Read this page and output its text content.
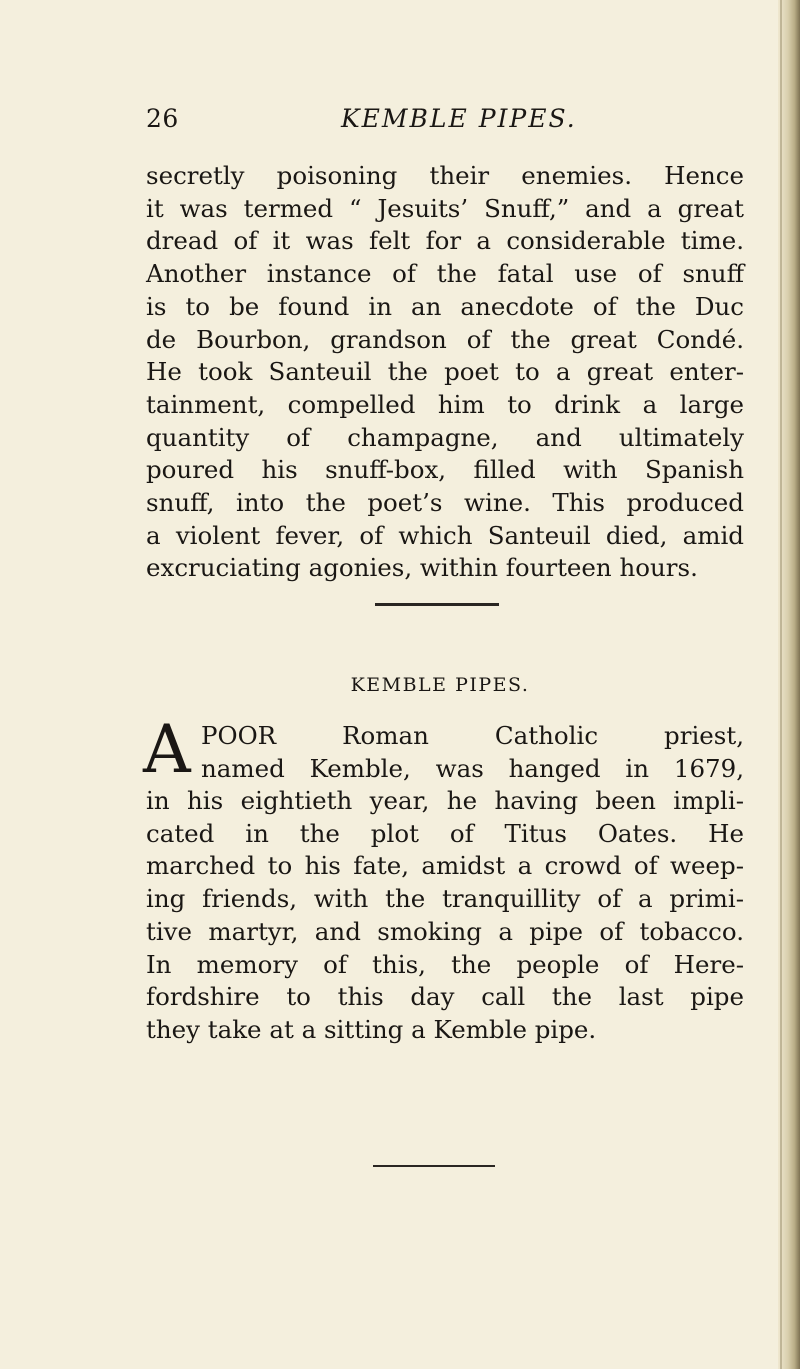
26	KEMBLE PIPES.
secretly poisoning their enemies. Hence
it was termed “ Jesuits’ Snuff,” and a great
dread of it was felt for a considerable time.
Another instance of the fatal use of snuff
is to be found in an anecdote of the Duc
de Bourbon, grandson of the great Condé.
He took Santeuil the poet to a great enter-
tainment, compelled him to drink a large
quantity of champagne, and ultimately
poured his snuff-box, filled with Spanish
snuff, into the poet’s wine. This produced
a violent fever, of which Santeuil died, amid
excruciating agonies, within fourteen hours.
KEMBLE PIPES.
A POOR Roman Catholic priest,
named Kemble, was hanged in 1679,
in his eightieth year, he having been impli-
cated in the plot of Titus Oates. He
marched to his fate, amidst a crowd of weep-
ing friends, with the tranquillity of a primi-
tive martyr, and smoking a pipe of tobacco.
In memory of this, the people of Here-
fordshire to this day call the last pipe
they take at a sitting a Kemble pipe.
